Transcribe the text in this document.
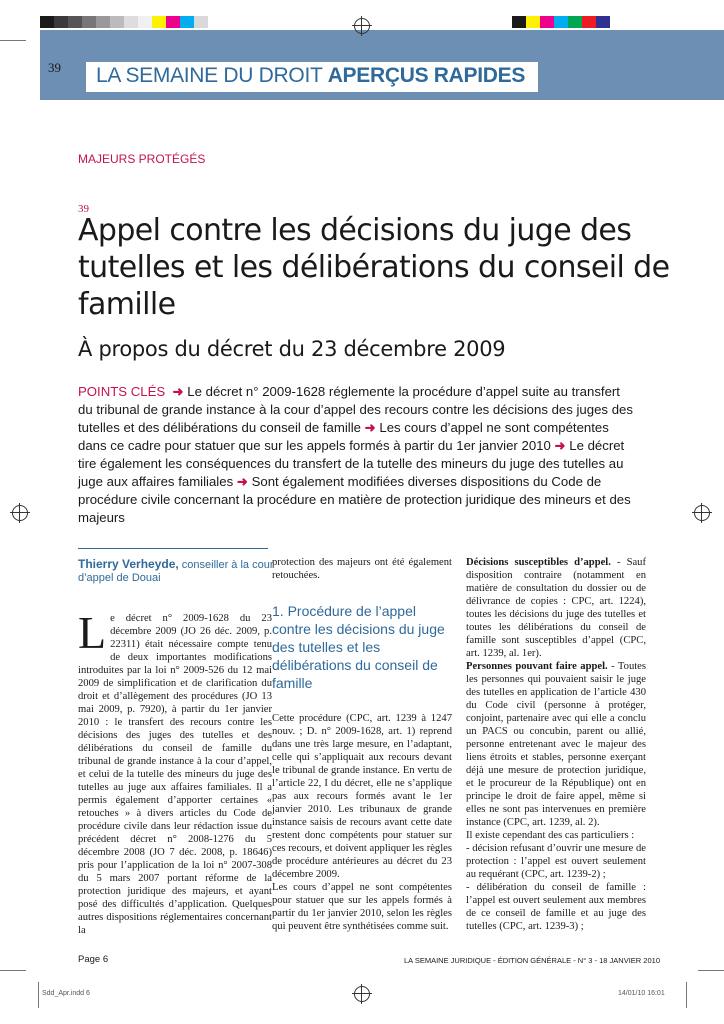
39 LA SEMAINE DU DROIT APERÇUS RAPIDES
MAJEURS PROTÉGÉS
39
Appel contre les décisions du juge des tutelles et les délibérations du conseil de famille
À propos du décret du 23 décembre 2009
POINTS CLÉS  ➜ Le décret n° 2009-1628 réglemente la procédure d’appel suite au transfert du tribunal de grande instance à la cour d’appel des recours contre les décisions des juges des tutelles et des délibérations du conseil de famille ➜ Les cours d’appel ne sont compétentes dans ce cadre pour statuer que sur les appels formés à partir du 1er janvier 2010 ➜ Le décret tire également les conséquences du transfert de la tutelle des mineurs du juge des tutelles au juge aux affaires familiales ➜ Sont également modifiées diverses dispositions du Code de procédure civile concernant la procédure en matière de protection juridique des mineurs et des majeurs
Thierry Verheyde, conseiller à la cour d’appel de Douai
L e décret n° 2009-1628 du 23 décembre 2009 (JO 26 déc. 2009, p. 22311) était nécessaire compte tenu de deux importantes modifications introduites par la loi n° 2009-526 du 12 mai 2009 de simplification et de clarification du droit et d’allègement des procédures (JO 13 mai 2009, p. 7920), à partir du 1er janvier 2010 : le transfert des recours contre les décisions des juges des tutelles et des délibérations du conseil de famille du tribunal de grande instance à la cour d’appel, et celui de la tutelle des mineurs du juge des tutelles au juge aux affaires familiales. Il a permis également d’apporter certaines « retouches » à divers articles du Code de procédure civile dans leur rédaction issue du précédent décret n° 2008-1276 du 5 décembre 2008 (JO 7 déc. 2008, p. 18646) pris pour l’application de la loi n° 2007-308 du 5 mars 2007 portant réforme de la protection juridique des majeurs, et ayant posé des difficultés d’application. Quelques autres dispositions réglementaires concernant la

protection des majeurs ont été également retouchées.

1. Procédure de l’appel contre les décisions du juge des tutelles et les délibérations du conseil de famille

Cette procédure (CPC, art. 1239 à 1247 nouv. ; D. n° 2009-1628, art. 1) reprend dans une très large mesure, en l’adaptant, celle qui s’appliquait aux recours devant le tribunal de grande instance. En vertu de l’article 22, I du décret, elle ne s’applique pas aux recours formés avant le 1er janvier 2010. Les tribunaux de grande instance saisis de recours avant cette date restent donc compétents pour statuer sur ces recours, et doivent appliquer les règles de procédure antérieures au décret du 23 décembre 2009.

Les cours d’appel ne sont compétentes pour statuer que sur les appels formés à partir du 1er janvier 2010, selon les règles qui peuvent être synthétisées comme suit.

Décisions susceptibles d’appel. - Sauf disposition contraire (notamment en matière de consultation du dossier ou de délivrance de copies : CPC, art. 1224), toutes les décisions du juge des tutelles et toutes les délibérations du conseil de famille sont susceptibles d’appel (CPC, art. 1239, al. 1er).

Personnes pouvant faire appel. - Toutes les personnes qui pouvaient saisir le juge des tutelles en application de l’article 430 du Code civil (personne à protéger, conjoint, partenaire avec qui elle a conclu un PACS ou concubin, parent ou allié, personne entretenant avec le majeur des liens étroits et stables, personne exerçant déjà une mesure de protection juridique, et le procureur de la République) ont en principe le droit de faire appel, même si elles ne sont pas intervenues en première instance (CPC, art. 1239, al. 2).

Il existe cependant des cas particuliers :

- décision refusant d’ouvrir une mesure de protection : l’appel est ouvert seulement au requérant (CPC, art. 1239-2) ;

- délibération du conseil de famille : l’appel est ouvert seulement aux membres de ce conseil de famille et au juge des tutelles (CPC, art. 1239-3) ;

Page 6	LA SEMAINE JURIDIQUE - ÉDITION GÉNÉRALE - N° 3 - 18 JANVIER 2010
Sdd_Apr.indd 6	14/01/10 16:01
